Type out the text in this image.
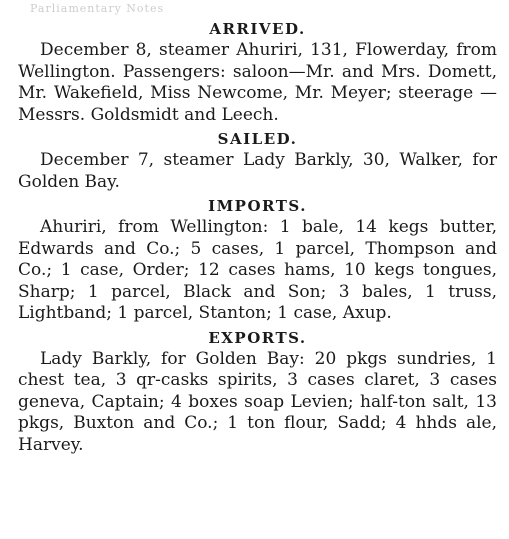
Parliamentary Notes
ARRIVED.

December 8, steamer Ahuriri, 131, Flowerday, from Wellington. Passengers: saloon—Mr. and Mrs. Domett, Mr. Wakefield, Miss Newcome, Mr. Meyer; steerage — Messrs. Goldsmidt and Leech.

SAILED.

December 7, steamer Lady Barkly, 30, Walker, for Golden Bay.

IMPORTS.

Ahuriri, from Wellington: 1 bale, 14 kegs butter, Edwards and Co.; 5 cases, 1 parcel, Thompson and Co.; 1 case, Order; 12 cases hams, 10 kegs tongues, Sharp; 1 parcel, Black and Son; 3 bales, 1 truss, Lightband; 1 parcel, Stanton; 1 case, Axup.

EXPORTS.

Lady Barkly, for Golden Bay: 20 pkgs sundries, 1 chest tea, 3 qr-casks spirits, 3 cases claret, 3 cases geneva, Captain; 4 boxes soap Levien; half-ton salt, 13 pkgs, Buxton and Co.; 1 ton flour, Sadd; 4 hhds ale, Harvey.
